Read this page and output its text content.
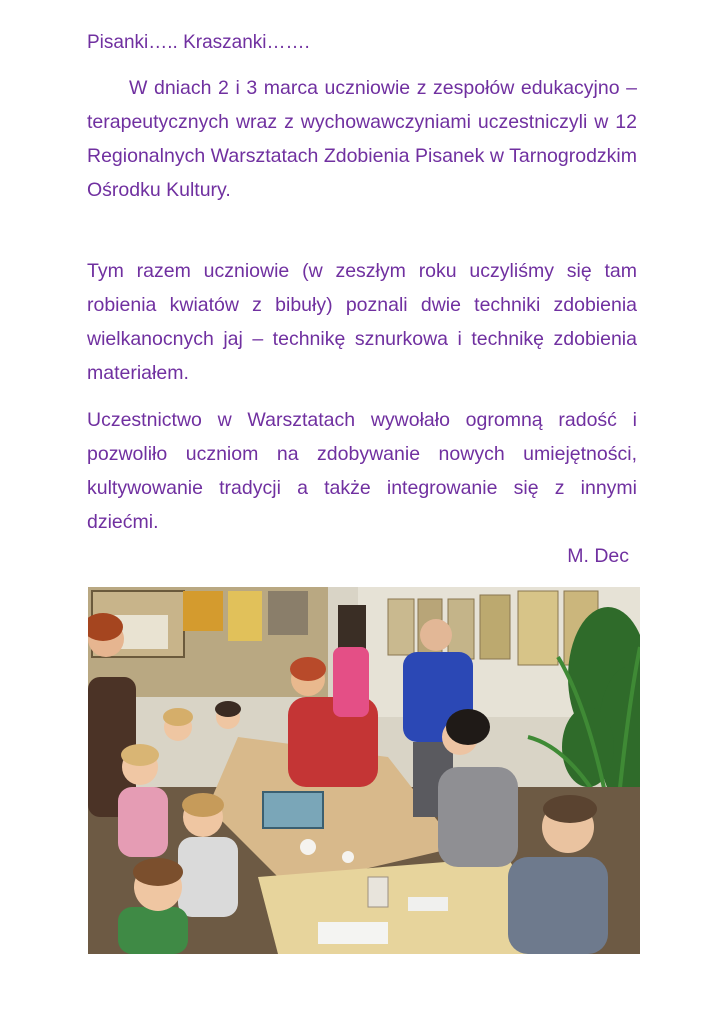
Pisanki….. Kraszanki…….

W dniach 2 i 3 marca uczniowie z zespołów edukacyjno – terapeutycznych wraz z wychowawczyniami uczestniczyli w 12 Regionalnych Warsztatach Zdobienia Pisanek w Tarnogrodzkim Ośrodku Kultury.

Tym razem uczniowie (w zeszłym roku uczyliśmy się tam robienia kwiatów z bibuły) poznali dwie techniki zdobienia wielkanocnych jaj – technikę sznurkowa i technikę zdobienia materiałem.

Uczestnictwo w Warsztatach wywołało ogromną radość i pozwoliło uczniom na zdobywanie nowych umiejętności, kultywowanie tradycji a także integrowanie się z innymi dziećmi.

M. Dec
